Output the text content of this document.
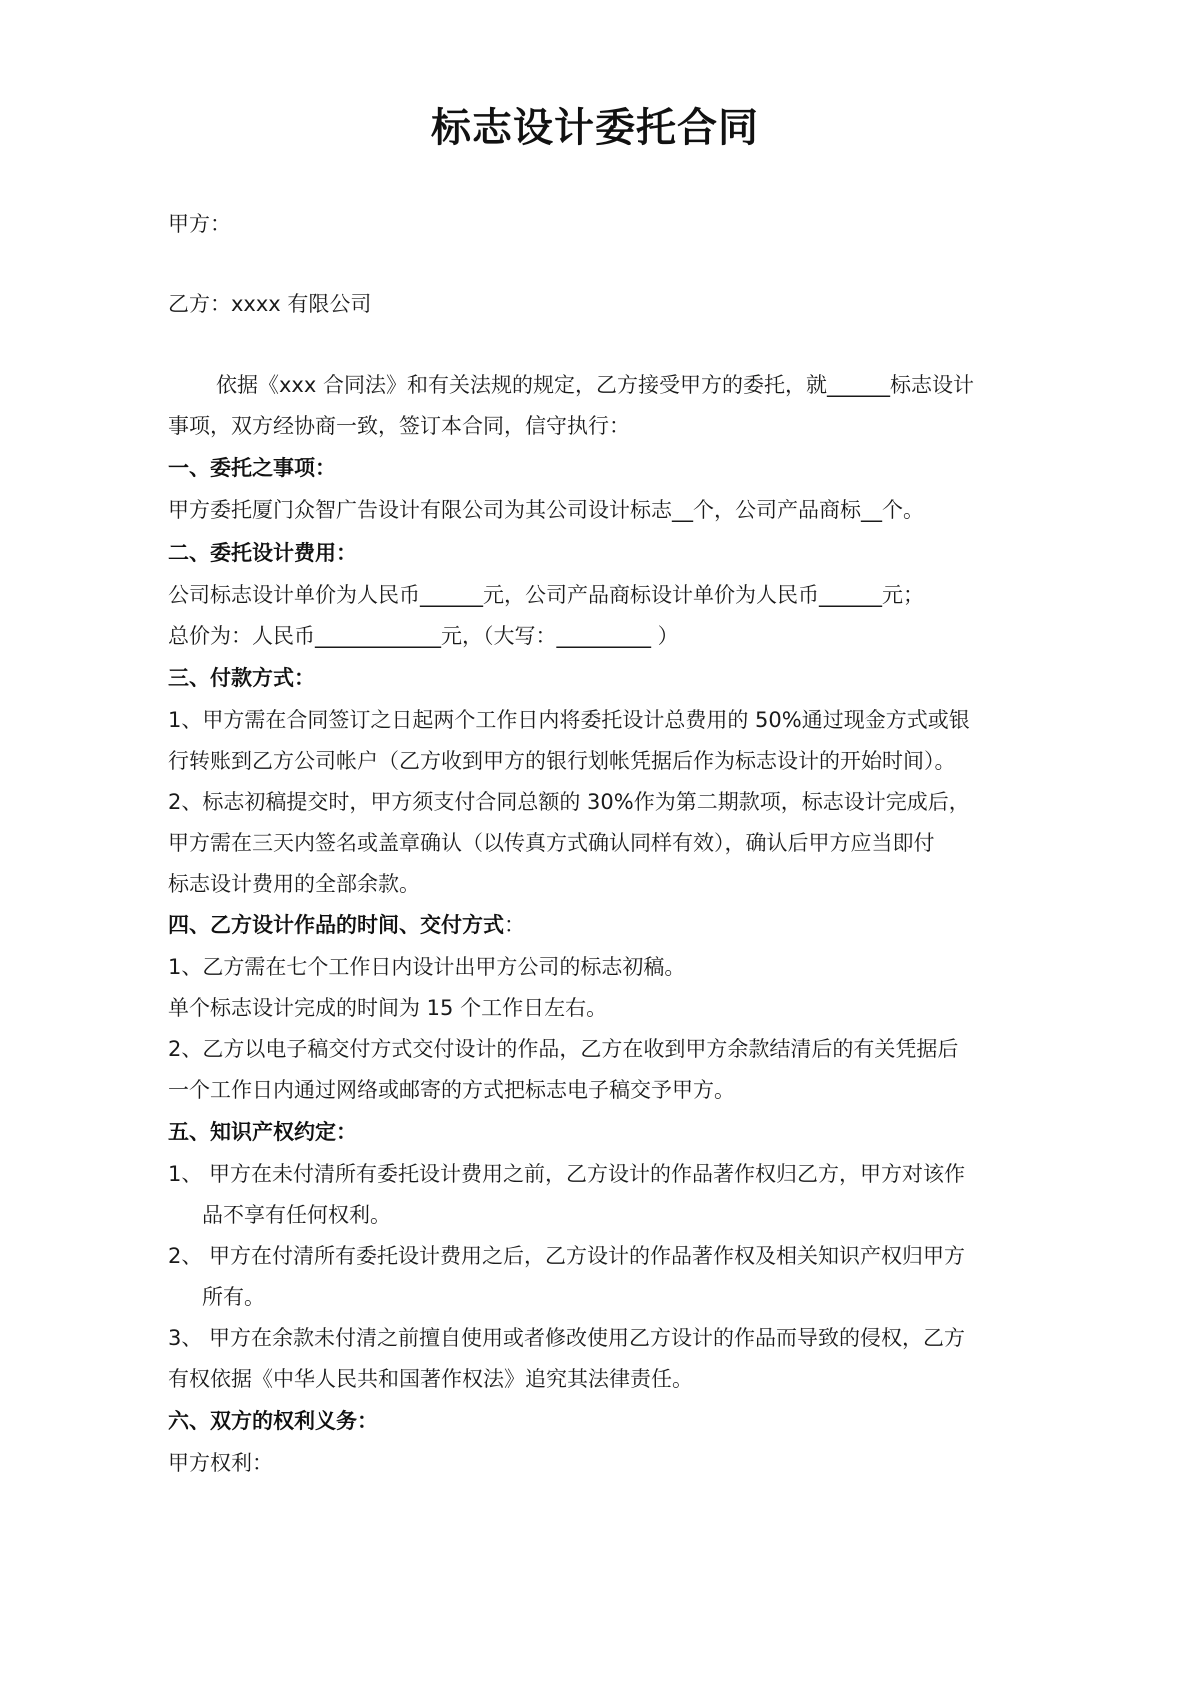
标志设计委托合同

甲方：

乙方：xxxx 有限公司

依据《xxx 合同法》和有关法规的规定，乙方接受甲方的委托，就______标志设计

事项，双方经协商一致，签订本合同，信守执行：

一、委托之事项：

甲方委托厦门众智广告设计有限公司为其公司设计标志__个，公司产品商标__个。

二、委托设计费用：

公司标志设计单价为人民币______元，公司产品商标设计单价为人民币______元；

总价为：人民币____________元，（大写：_________ ）

三、付款方式：

1、甲方需在合同签订之日起两个工作日内将委托设计总费用的 50%通过现金方式或银

行转账到乙方公司帐户（乙方收到甲方的银行划帐凭据后作为标志设计的开始时间）。

2、标志初稿提交时，甲方须支付合同总额的 30%作为第二期款项，标志设计完成后，

甲方需在三天内签名或盖章确认（以传真方式确认同样有效），确认后甲方应当即付

标志设计费用的全部余款。

四、乙方设计作品的时间、交付方式：

1、乙方需在七个工作日内设计出甲方公司的标志初稿。

单个标志设计完成的时间为 15 个工作日左右。

2、乙方以电子稿交付方式交付设计的作品，乙方在收到甲方余款结清后的有关凭据后

一个工作日内通过网络或邮寄的方式把标志电子稿交予甲方。

五、知识产权约定：

1、 甲方在未付清所有委托设计费用之前，乙方设计的作品著作权归乙方，甲方对该作

品不享有任何权利。

2、 甲方在付清所有委托设计费用之后，乙方设计的作品著作权及相关知识产权归甲方

所有。

3、 甲方在余款未付清之前擅自使用或者修改使用乙方设计的作品而导致的侵权，乙方

有权依据《中华人民共和国著作权法》追究其法律责任。

六、双方的权利义务：

甲方权利：
